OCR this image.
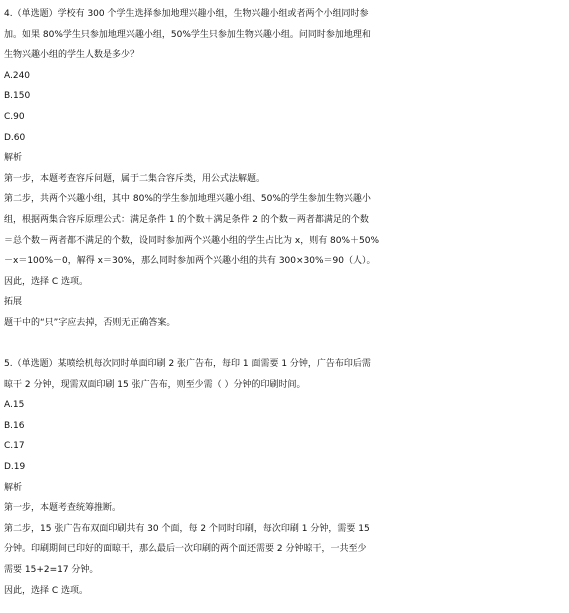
4.（单选题）学校有 300 个学生选择参加地理兴趣小组，生物兴趣小组或者两个小组同时参
加。如果 80%学生只参加地理兴趣小组，50%学生只参加生物兴趣小组。问同时参加地理和
生物兴趣小组的学生人数是多少？
A.240
B.150
C.90
D.60
解析
第一步，本题考查容斥问题，属于二集合容斥类，用公式法解题。
第二步，共两个兴趣小组，其中 80%的学生参加地理兴趣小组、50%的学生参加生物兴趣小
组，根据两集合容斥原理公式：满足条件 1 的个数＋满足条件 2 的个数－两者都满足的个数
＝总个数－两者都不满足的个数，设同时参加两个兴趣小组的学生占比为 x，则有 80%＋50%
－x＝100%－0，解得 x＝30%，那么同时参加两个兴趣小组的共有 300×30%＝90（人）。
因此，选择 C 选项。
拓展
题干中的“只”字应去掉，否则无正确答案。
5.（单选题）某喷绘机每次同时单面印刷 2 张广告布，每印 1 面需要 1 分钟，广告布印后需
晾干 2 分钟，现需双面印刷 15 张广告布，则至少需（ ）分钟的印刷时间。
A.15
B.16
C.17
D.19
解析
第一步，本题考查统筹推断。
第二步，15 张广告布双面印刷共有 30 个面，每 2 个同时印刷，每次印刷 1 分钟，需要 15
分钟。印刷期间已印好的面晾干，那么最后一次印刷的两个面还需要 2 分钟晾干，一共至少
需要 15+2=17 分钟。
因此，选择 C 选项。
